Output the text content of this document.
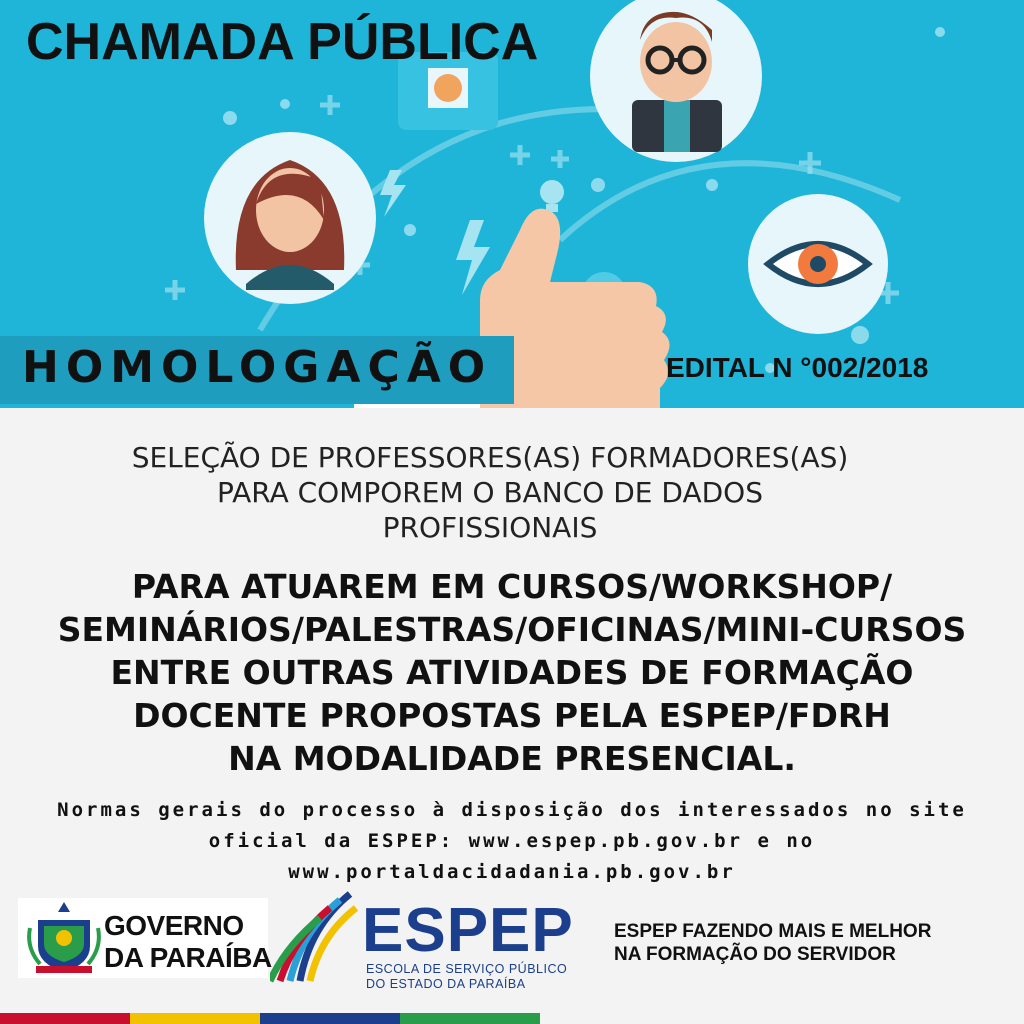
CHAMADA PÚBLICA
HOMOLOGAÇÃO	EDITAL N °002/2018
SELEÇÃO DE PROFESSORES(AS) FORMADORES(AS)
PARA COMPOREM O BANCO DE DADOS
PROFISSIONAIS
PARA ATUAREM EM CURSOS/WORKSHOP/
SEMINÁRIOS/PALESTRAS/OFICINAS/MINI-CURSOS
ENTRE OUTRAS ATIVIDADES DE FORMAÇÃO
DOCENTE PROPOSTAS PELA ESPEP/FDRH
NA MODALIDADE PRESENCIAL.
Normas gerais do processo à disposição dos interessados no site
oficial da ESPEP: www.espep.pb.gov.br e no
www.portaldacidadania.pb.gov.br
GOVERNO
DA PARAÍBA ESPEP
ESCOLA DE SERVIÇO PÚBLICO
DO ESTADO DA PARAÍBA
ESPEP FAZENDO MAIS E MELHOR
NA FORMAÇÃO DO SERVIDOR
